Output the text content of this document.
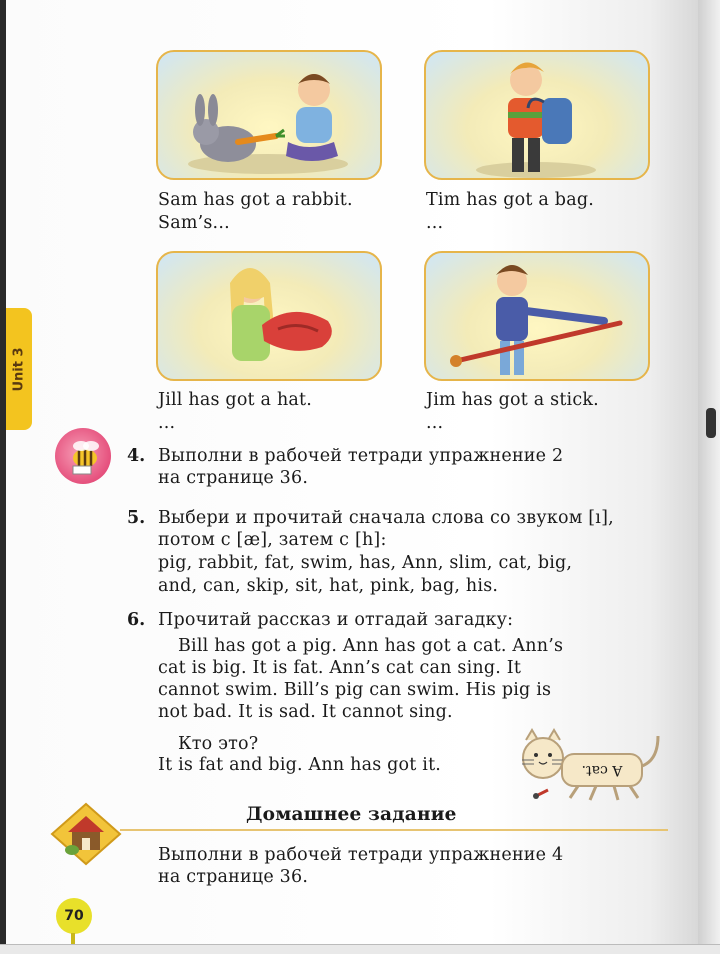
Unit 3
Sam has got a rabbit.
Sam’s...
Tim has got a bag.
...
Jill has got a hat.
...
Jim has got a stick.
...
4. Выполни в рабочей тетради упражнение 2
на странице 36.
5. Выбери и прочитай сначала слова со звуком [ı],
потом с [æ], затем с [h]:
pig, rabbit, fat, swim, has, Ann, slim, cat, big,
and, can, skip, sit, hat, pink, bag, his.
6. Прочитай рассказ и отгадай загадку:
Bill has got a pig. Ann has got a cat. Ann’s
cat is big. It is fat. Ann’s cat can sing. It
cannot swim. Bill’s pig can swim. His pig is
not bad. It is sad. It cannot sing.
Кто это?
It is fat and big. Ann has got it.	A cat.
Домашнее задание
Выполни в рабочей тетради упражнение 4
на странице 36.
70
